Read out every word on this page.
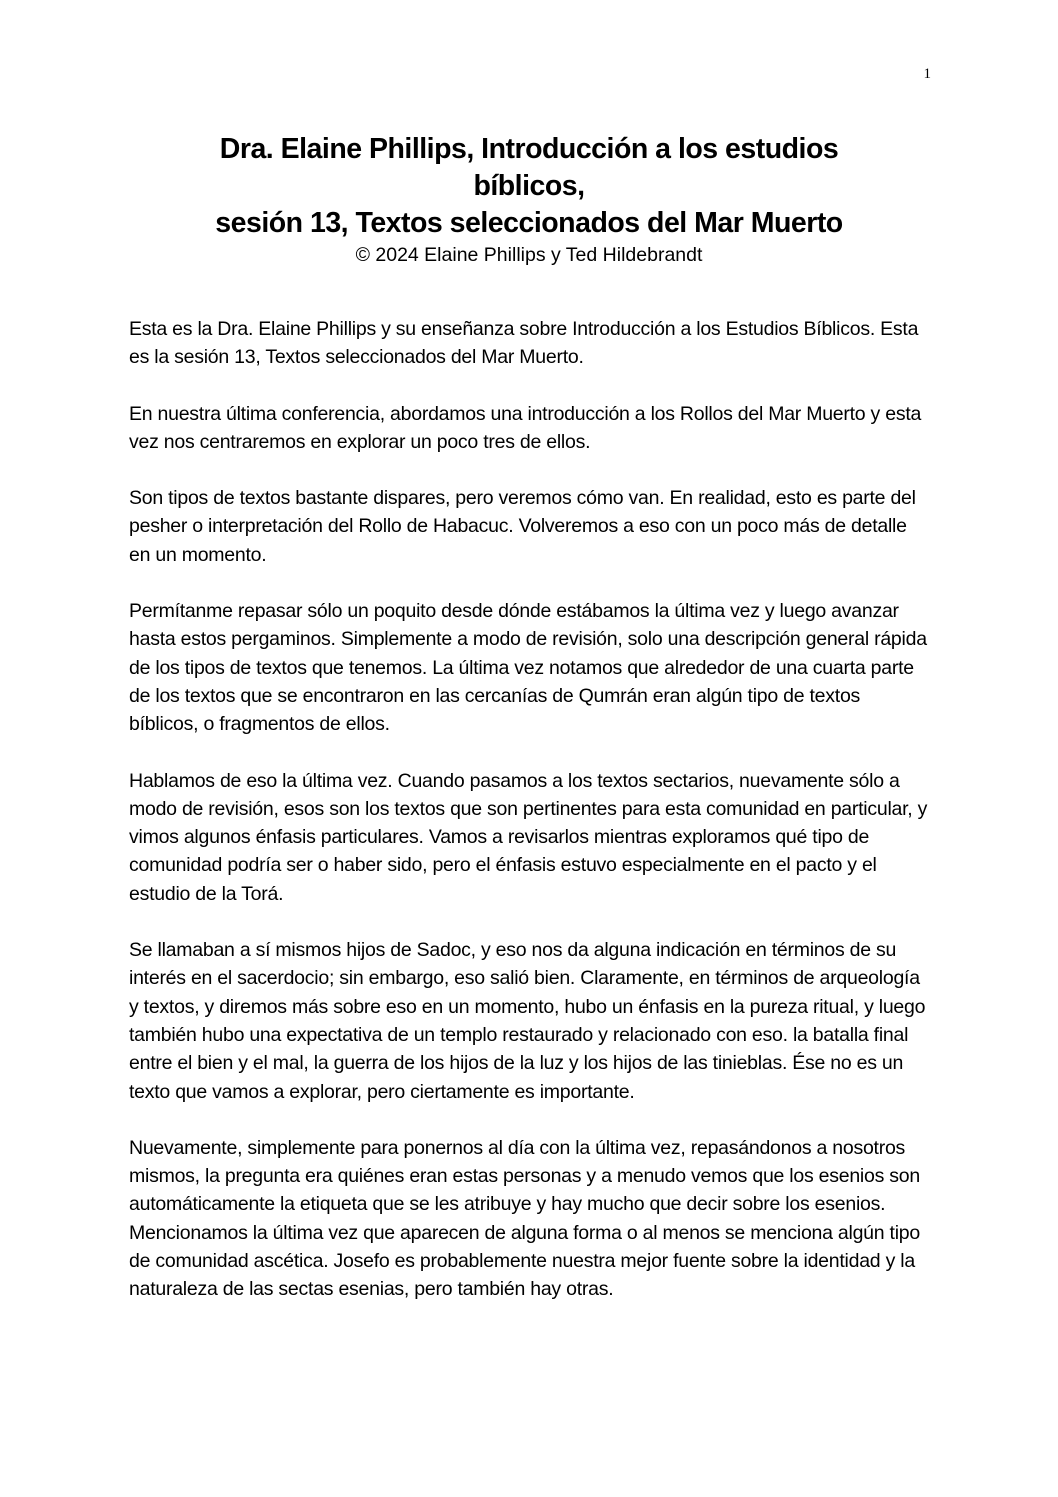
1
Dra. Elaine Phillips, Introducción a los estudios
bíblicos,
sesión 13, Textos seleccionados del Mar Muerto
© 2024 Elaine Phillips y Ted Hildebrandt

Esta es la Dra. Elaine Phillips y su enseñanza sobre Introducción a los Estudios Bíblicos. Esta es la sesión 13, Textos seleccionados del Mar Muerto.

En nuestra última conferencia, abordamos una introducción a los Rollos del Mar Muerto y esta vez nos centraremos en explorar un poco tres de ellos.

Son tipos de textos bastante dispares, pero veremos cómo van. En realidad, esto es parte del pesher o interpretación del Rollo de Habacuc. Volveremos a eso con un poco más de detalle en un momento.

Permítanme repasar sólo un poquito desde dónde estábamos la última vez y luego avanzar hasta estos pergaminos. Simplemente a modo de revisión, solo una descripción general rápida de los tipos de textos que tenemos. La última vez notamos que alrededor de una cuarta parte de los textos que se encontraron en las cercanías de Qumrán eran algún tipo de textos bíblicos, o fragmentos de ellos.

Hablamos de eso la última vez. Cuando pasamos a los textos sectarios, nuevamente sólo a modo de revisión, esos son los textos que son pertinentes para esta comunidad en particular, y vimos algunos énfasis particulares. Vamos a revisarlos mientras exploramos qué tipo de comunidad podría ser o haber sido, pero el énfasis estuvo especialmente en el pacto y el estudio de la Torá.

Se llamaban a sí mismos hijos de Sadoc, y eso nos da alguna indicación en términos de su interés en el sacerdocio; sin embargo, eso salió bien. Claramente, en términos de arqueología y textos, y diremos más sobre eso en un momento, hubo un énfasis en la pureza ritual, y luego también hubo una expectativa de un templo restaurado y relacionado con eso. la batalla final entre el bien y el mal, la guerra de los hijos de la luz y los hijos de las tinieblas. Ése no es un texto que vamos a explorar, pero ciertamente es importante.

Nuevamente, simplemente para ponernos al día con la última vez, repasándonos a nosotros mismos, la pregunta era quiénes eran estas personas y a menudo vemos que los esenios son automáticamente la etiqueta que se les atribuye y hay mucho que decir sobre los esenios. Mencionamos la última vez que aparecen de alguna forma o al menos se menciona algún tipo de comunidad ascética. Josefo es probablemente nuestra mejor fuente sobre la identidad y la naturaleza de las sectas esenias, pero también hay otras.
